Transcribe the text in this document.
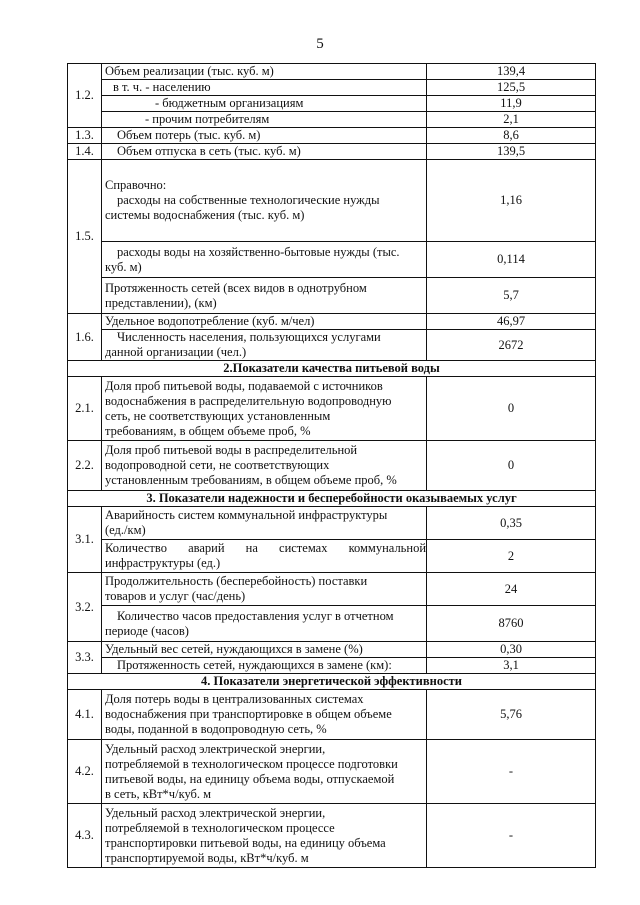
5
1.2.	Объем реализации (тыс. куб. м)	139,4

	в т. ч. - населению	125,5

	- бюджетным организациям	11,9

	- прочим потребителям	2,1
1.3.	Объем потерь (тыс. куб. м)	8,6
1.4.	Объем отпуска в сеть (тыс. куб. м)	139,5
1.5.	Справочно:
расходы на собственные технологические нужды
системы водоснабжения (тыс. куб. м)	1,16

	расходы воды на хозяйственно-бытовые нужды (тыс.
куб. м)	0,114

	Протяженность сетей (всех видов в однотрубном
представлении), (км)	5,7
1.6.	Удельное водопотребление (куб. м/чел)	46,97

	Численность населения, пользующихся услугами
данной организации (чел.)	2672
2.Показатели качества питьевой воды		
2.1.	Доля проб питьевой воды, подаваемой с источников
водоснабжения в распределительную водопроводную
сеть, не соответствующих установленным
требованиям, в общем объеме проб, %	0
2.2.	Доля проб питьевой воды в распределительной
водопроводной сети, не соответствующих
установленным требованиям, в общем объеме проб, %	0
3. Показатели надежности и бесперебойности оказываемых услуг		
3.1.	Аварийность систем коммунальной инфраструктуры
(ед./км)	0,35

	Количество аварий на системах коммунальной
инфраструктуры (ед.)	2
3.2.	Продолжительность (бесперебойность) поставки
товаров и услуг (час/день)	24

	Количество часов предоставления услуг в отчетном
периоде (часов)	8760
3.3.	Удельный вес сетей, нуждающихся в замене (%)	0,30

	Протяженность сетей, нуждающихся в замене (км):	3,1
4. Показатели энергетической эффективности		
4.1.	Доля потерь воды в централизованных системах
водоснабжения при транспортировке в общем объеме
воды, поданной в водопроводную сеть, %	5,76
4.2.	Удельный расход электрической энергии,
потребляемой в технологическом процессе подготовки
питьевой воды, на единицу объема воды, отпускаемой
в сеть, кВт*ч/куб. м	-
4.3.	Удельный расход электрической энергии,
потребляемой в технологическом процессе
транспортировки питьевой воды, на единицу объема
транспортируемой воды, кВт*ч/куб. м	-
